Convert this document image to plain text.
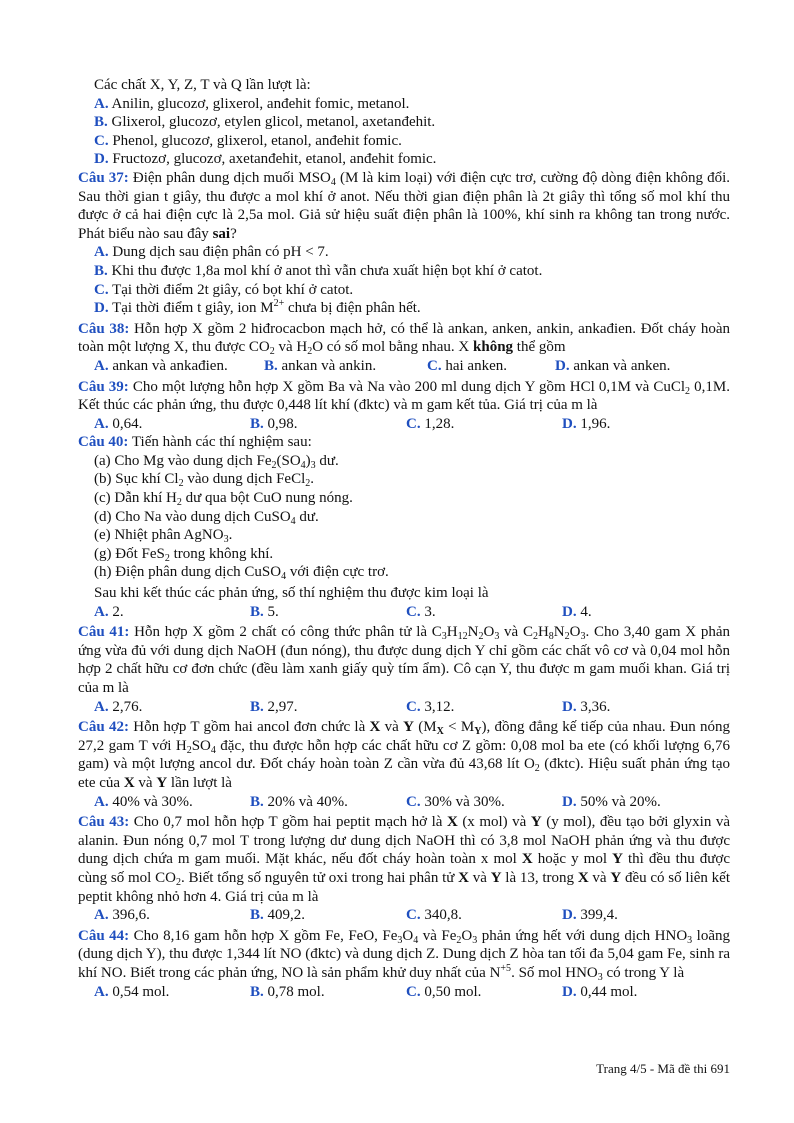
Các chất X, Y, Z, T và Q lần lượt là:
A. Anilin, glucozơ, glixerol, anđehit fomic, metanol.
B. Glixerol, glucozơ, etylen glicol, metanol, axetanđehit.
C. Phenol, glucozơ, glixerol, etanol, anđehit fomic.
D. Fructozơ, glucozơ, axetanđehit, etanol, anđehit fomic.
Câu 37: Điện phân dung dịch muối $MSO_4$ (M là kim loại) với điện cực trơ, cường độ dòng điện không đổi. Sau thời gian t giây, thu được a mol khí ở anot. Nếu thời gian điện phân là 2t giây thì tổng số mol khí thu được ở cả hai điện cực là 2,5a mol. Giả sử hiệu suất điện phân là 100%, khí sinh ra không tan trong nước. Phát biểu nào sau đây sai?
A. Dung dịch sau điện phân có pH < 7.
B. Khi thu được 1,8a mol khí ở anot thì vẫn chưa xuất hiện bọt khí ở catot.
C. Tại thời điểm 2t giây, có bọt khí ở catot.
D. Tại thời điểm t giây, ion $M^{2+}$ chưa bị điện phân hết.
Câu 38: Hỗn hợp X gồm 2 hiđrocacbon mạch hở, có thể là ankan, anken, ankin, ankađien. Đốt cháy hoàn toàn một lượng X, thu được $CO_2$ và $H_2O$ có số mol bằng nhau. X không thể gồm
A. ankan và ankađien.	B. ankan và ankin.	C. hai anken.	D. ankan và anken.
Câu 39: Cho một lượng hỗn hợp X gồm Ba và Na vào 200 ml dung dịch Y gồm HCl 0,1M và CuCl$_2$ 0,1M. Kết thúc các phản ứng, thu được 0,448 lít khí (đktc) và m gam kết tủa. Giá trị của m là
A. 0,64.	B. 0,98.	C. 1,28.	D. 1,96.
Câu 40: Tiến hành các thí nghiệm sau:
(a) Cho Mg vào dung dịch $Fe_2(SO_4)_3$ dư.
(b) Sục khí $Cl_2$ vào dung dịch FeCl$_2$.
(c) Dẫn khí $H_2$ dư qua bột CuO nung nóng.
(d) Cho Na vào dung dịch CuSO$_4$ dư.
(e) Nhiệt phân AgNO$_3$.
(g) Đốt FeS$_2$ trong không khí.
(h) Điện phân dung dịch CuSO$_4$ với điện cực trơ.
Sau khi kết thúc các phản ứng, số thí nghiệm thu được kim loại là
A. 2.	B. 5.	C. 3.	D. 4.
Câu 41: Hỗn hợp X gồm 2 chất có công thức phân tử là $C_3H_{12}N_2O_3$ và $C_2H_8N_2O_3$. Cho 3,40 gam X phản ứng vừa đủ với dung dịch NaOH (đun nóng), thu được dung dịch Y chỉ gồm các chất vô cơ và 0,04 mol hỗn hợp 2 chất hữu cơ đơn chức (đều làm xanh giấy quỳ tím ẩm). Cô cạn Y, thu được m gam muối khan. Giá trị của m là
A. 2,76.	B. 2,97.	C. 3,12.	D. 3,36.
Câu 42: Hỗn hợp T gồm hai ancol đơn chức là X và Y $(M_X < M_Y)$, đồng đẳng kế tiếp của nhau. Đun nóng 27,2 gam T với $H_2SO_4$ đặc, thu được hỗn hợp các chất hữu cơ Z gồm: 0,08 mol ba ete (có khối lượng 6,76 gam) và một lượng ancol dư. Đốt cháy hoàn toàn Z cần vừa đủ 43,68 lít $O_2$ (đktc). Hiệu suất phản ứng tạo ete của X và Y lần lượt là
A. 40% và 30%.	B. 20% và 40%.	C. 30% và 30%.	D. 50% và 20%.
Câu 43: Cho 0,7 mol hỗn hợp T gồm hai peptit mạch hở là X (x mol) và Y (y mol), đều tạo bởi glyxin và alanin. Đun nóng 0,7 mol T trong lượng dư dung dịch NaOH thì có 3,8 mol NaOH phản ứng và thu được dung dịch chứa m gam muối. Mặt khác, nếu đốt cháy hoàn toàn x mol X hoặc y mol Y thì đều thu được cùng số mol $CO_2$. Biết tổng số nguyên tử oxi trong hai phân tử X và Y là 13, trong X và Y đều có số liên kết peptit không nhỏ hơn 4. Giá trị của m là
A. 396,6.	B. 409,2.	C. 340,8.	D. 399,4.
Câu 44: Cho 8,16 gam hỗn hợp X gồm Fe, FeO, $Fe_3O_4$ và $Fe_2O_3$ phản ứng hết với dung dịch $HNO_3$ loãng (dung dịch Y), thu được 1,344 lít NO (đktc) và dung dịch Z. Dung dịch Z hòa tan tối đa 5,04 gam Fe, sinh ra khí NO. Biết trong các phản ứng, NO là sản phẩm khử duy nhất của $N^{+5}$. Số mol $HNO_3$ có trong Y là
A. 0,54 mol.	B. 0,78 mol.	C. 0,50 mol.	D. 0,44 mol.
Trang 4/5 - Mã đề thi 691
